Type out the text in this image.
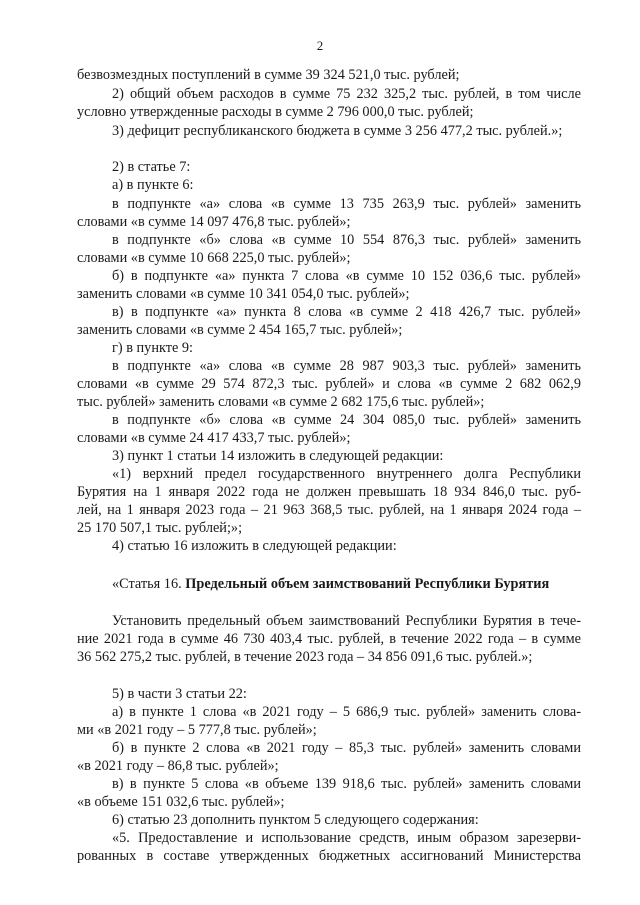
2
безвозмездных поступлений в сумме 39 324 521,0 тыс. рублей;
2) общий объем расходов в сумме 75 232 325,2 тыс. рублей, в том числе
условно утвержденные расходы в сумме 2 796 000,0 тыс. рублей;
3) дефицит республиканского бюджета в сумме 3 256 477,2 тыс. рублей.»;
2) в статье 7:
а) в пункте 6:
в подпункте «а» слова «в сумме 13 735 263,9 тыс. рублей» заменить
словами «в сумме 14 097 476,8 тыс. рублей»;
в подпункте «б» слова «в сумме 10 554 876,3 тыс. рублей» заменить
словами «в сумме 10 668 225,0 тыс. рублей»;
б) в подпункте «а» пункта 7 слова «в сумме 10 152 036,6 тыс. рублей»
заменить словами «в сумме 10 341 054,0 тыс. рублей»;
в) в подпункте «а» пункта 8 слова «в сумме 2 418 426,7 тыс. рублей»
заменить словами «в сумме 2 454 165,7 тыс. рублей»;
г) в пункте 9:
в подпункте «а» слова «в сумме 28 987 903,3 тыс. рублей» заменить
словами «в сумме 29 574 872,3 тыс. рублей» и слова «в сумме 2 682 062,9
тыс. рублей» заменить словами «в сумме 2 682 175,6 тыс. рублей»;
в подпункте «б» слова «в сумме 24 304 085,0 тыс. рублей» заменить
словами «в сумме 24 417 433,7 тыс. рублей»;
3) пункт 1 статьи 14 изложить в следующей редакции:
«1) верхний предел государственного внутреннего долга Республики
Бурятия на 1 января 2022 года не должен превышать 18 934 846,0 тыс. руб-
лей, на 1 января 2023 года – 21 963 368,5 тыс. рублей, на 1 января 2024 года –
25 170 507,1 тыс. рублей;»;
4) статью 16 изложить в следующей редакции:
«Статья 16. Предельный объем заимствований Республики Бурятия
Установить предельный объем заимствований Республики Бурятия в тече-
ние 2021 года в сумме 46 730 403,4 тыс. рублей, в течение 2022 года – в сумме
36 562 275,2 тыс. рублей, в течение 2023 года – 34 856 091,6 тыс. рублей.»;
5) в части 3 статьи 22:
а) в пункте 1 слова «в 2021 году – 5 686,9 тыс. рублей» заменить слова-
ми «в 2021 году – 5 777,8 тыс. рублей»;
б) в пункте 2 слова «в 2021 году – 85,3 тыс. рублей» заменить словами
«в 2021 году – 86,8 тыс. рублей»;
в) в пункте 5 слова «в объеме 139 918,6 тыс. рублей» заменить словами
«в объеме 151 032,6 тыс. рублей»;
6) статью 23 дополнить пунктом 5 следующего содержания:
«5. Предоставление и использование средств, иным образом зарезерви-
рованных в составе утвержденных бюджетных ассигнований Министерства
